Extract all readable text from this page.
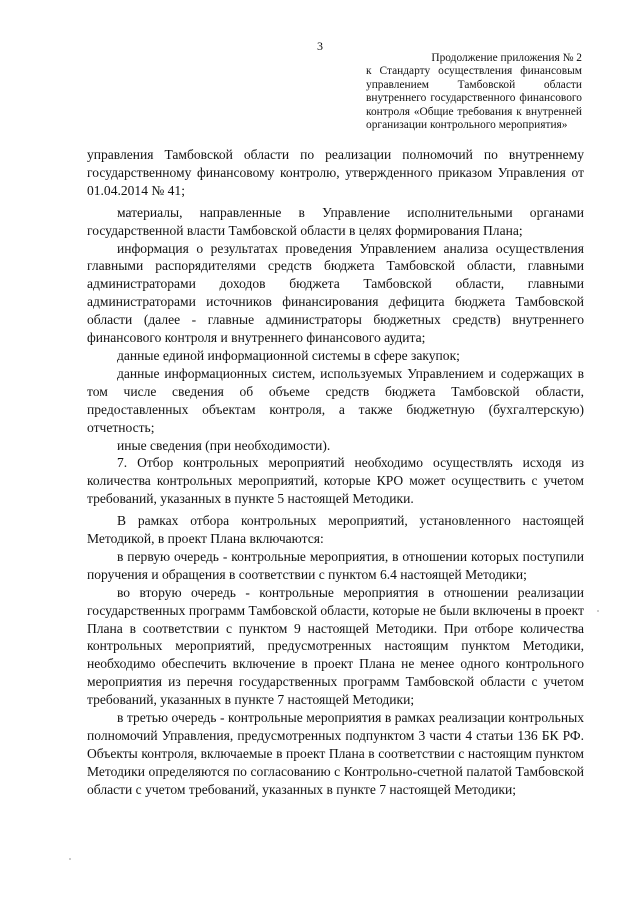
3
Продолжение приложения № 2
к Стандарту осуществления финансовым
управлением Тамбовской области
внутреннего государственного финансового
контроля «Общие требования к внутренней
организации контрольного мероприятия»

управления Тамбовской области по реализации полномочий по внутреннему государственному финансовому контролю, утвержденного приказом Управления от 01.04.2014 № 41;

материалы, направленные в Управление исполнительными органами государственной власти Тамбовской области в целях формирования Плана;

информация о результатах проведения Управлением анализа осуществления главными распорядителями средств бюджета Тамбовской области, главными администраторами доходов бюджета Тамбовской области, главными администраторами источников финансирования дефицита бюджета Тамбовской области (далее - главные администраторы бюджетных средств) внутреннего финансового контроля и внутреннего финансового аудита;

данные единой информационной системы в сфере закупок;

данные информационных систем, используемых Управлением и содержащих в том числе сведения об объеме средств бюджета Тамбовской области, предоставленных объектам контроля, а также бюджетную (бухгалтерскую) отчетность;

иные сведения (при необходимости).

7. Отбор контрольных мероприятий необходимо осуществлять исходя из количества контрольных мероприятий, которые КРО может осуществить с учетом требований, указанных в пункте 5 настоящей Методики.

В рамках отбора контрольных мероприятий, установленного настоящей Методикой, в проект Плана включаются:

в первую очередь - контрольные мероприятия, в отношении которых поступили поручения и обращения в соответствии с пунктом 6.4 настоящей Методики;

во вторую очередь - контрольные мероприятия в отношении реализации государственных программ Тамбовской области, которые не были включены в проект Плана в соответствии с пунктом 9 настоящей Методики. При отборе количества контрольных мероприятий, предусмотренных настоящим пунктом Методики, необходимо обеспечить включение в проект Плана не менее одного контрольного мероприятия из перечня государственных программ Тамбовской области с учетом требований, указанных в пункте 7 настоящей Методики;

в третью очередь - контрольные мероприятия в рамках реализации контрольных полномочий Управления, предусмотренных подпунктом 3 части 4 статьи 136 БК РФ. Объекты контроля, включаемые в проект Плана в соответствии с настоящим пунктом Методики определяются по согласованию с Контрольно-счетной палатой Тамбовской области с учетом требований, указанных в пункте 7 настоящей Методики;
